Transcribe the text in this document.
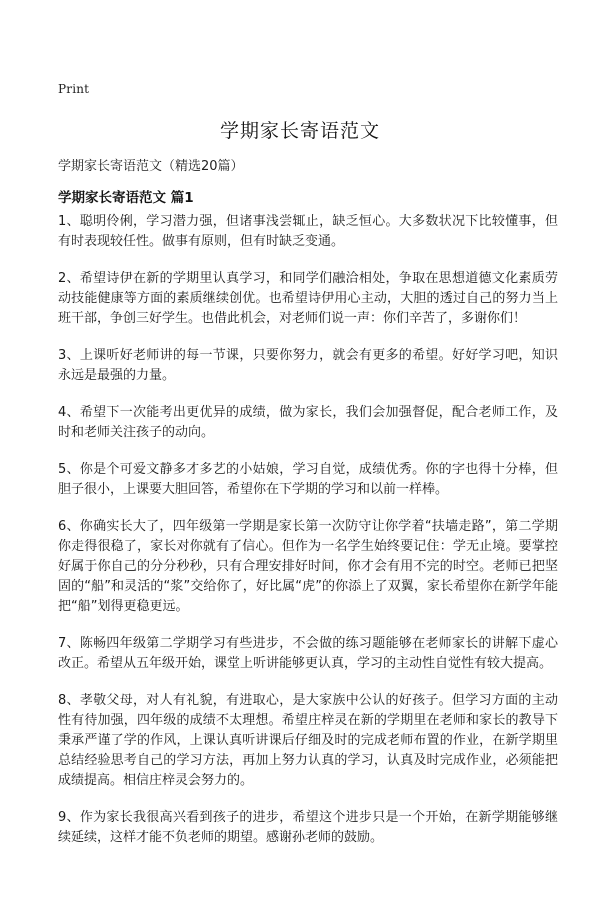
Print
学期家长寄语范文
学期家长寄语范文（精选20篇）
学期家长寄语范文 篇1

1、聪明伶俐，学习潜力强，但诸事浅尝辄止，缺乏恒心。大多数状况下比较懂事，但有时表现较任性。做事有原则，但有时缺乏变通。

2、希望诗伊在新的学期里认真学习，和同学们融洽相处，争取在思想道德文化素质劳动技能健康等方面的素质继续创优。也希望诗伊用心主动，大胆的透过自己的努力当上班干部，争创三好学生。也借此机会，对老师们说一声：你们辛苦了，多谢你们！

3、上课听好老师讲的每一节课，只要你努力，就会有更多的希望。好好学习吧，知识永远是最强的力量。

4、希望下一次能考出更优异的成绩，做为家长，我们会加强督促，配合老师工作，及时和老师关注孩子的动向。

5、你是个可爱文静多才多艺的小姑娘，学习自觉，成绩优秀。你的字也得十分棒，但胆子很小，上课要大胆回答，希望你在下学期的学习和以前一样棒。

6、你确实长大了，四年级第一学期是家长第一次防守让你学着“扶墙走路”，第二学期你走得很稳了，家长对你就有了信心。但作为一名学生始终要记住：学无止境。要掌控好属于你自己的分分秒秒，只有合理安排好时间，你才会有用不完的时空。老师已把坚固的“船”和灵活的“浆”交给你了，好比属“虎”的你添上了双翼，家长希望你在新学年能把“船”划得更稳更远。

7、陈畅四年级第二学期学习有些进步，不会做的练习题能够在老师家长的讲解下虚心改正。希望从五年级开始，课堂上听讲能够更认真，学习的主动性自觉性有较大提高。

8、孝敬父母，对人有礼貌，有进取心，是大家族中公认的好孩子。但学习方面的主动性有待加强，四年级的成绩不太理想。希望庄梓灵在新的学期里在老师和家长的教导下秉承严谨了学的作风，上课认真听讲课后仔细及时的完成老师布置的作业，在新学期里总结经验思考自己的学习方法，再加上努力认真的学习，认真及时完成作业，必须能把成绩提高。相信庄梓灵会努力的。

9、作为家长我很高兴看到孩子的进步，希望这个进步只是一个开始，在新学期能够继续延续，这样才能不负老师的期望。感谢孙老师的鼓励。
